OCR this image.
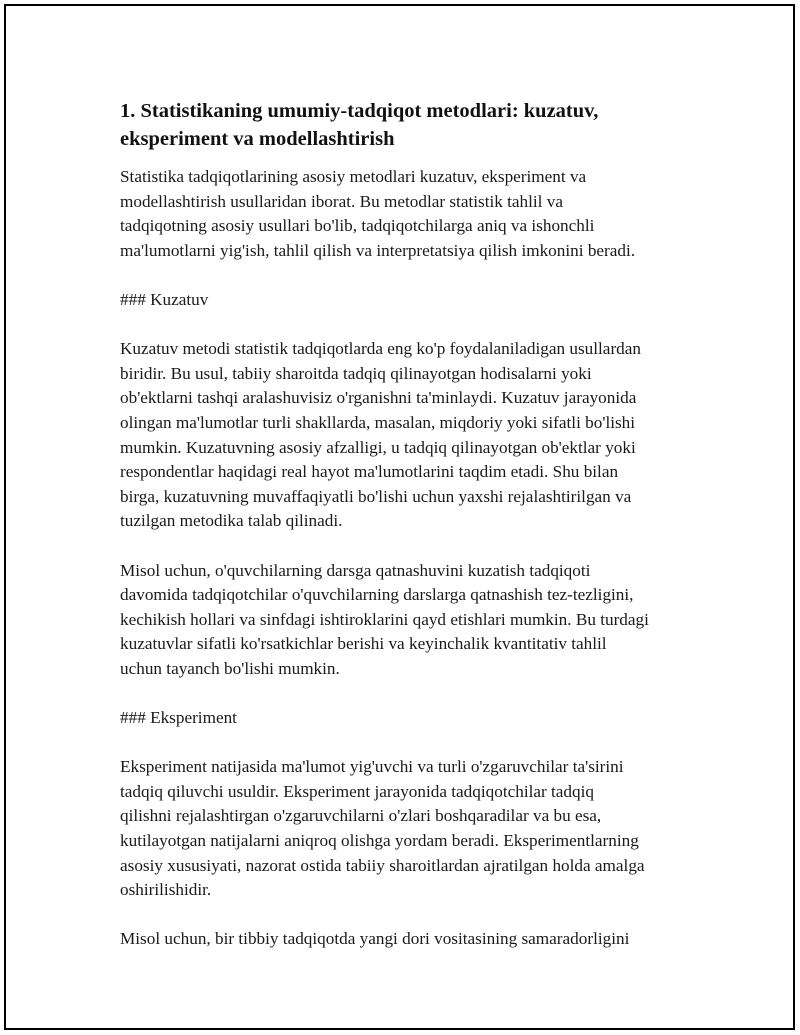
1. Statistikaning umumiy-tadqiqot metodlari: kuzatuv,
eksperiment va modellashtirish

Statistika tadqiqotlarining asosiy metodlari kuzatuv, eksperiment va
modellashtirish usullaridan iborat. Bu metodlar statistik tahlil va
tadqiqotning asosiy usullari bo'lib, tadqiqotchilarga aniq va ishonchli
ma'lumotlarni yig'ish, tahlil qilish va interpretatsiya qilish imkonini beradi.

### Kuzatuv

Kuzatuv metodi statistik tadqiqotlarda eng ko'p foydalaniladigan usullardan
biridir. Bu usul, tabiiy sharoitda tadqiq qilinayotgan hodisalarni yoki
ob'ektlarni tashqi aralashuvisiz o'rganishni ta'minlaydi. Kuzatuv jarayonida
olingan ma'lumotlar turli shakllarda, masalan, miqdoriy yoki sifatli bo'lishi
mumkin. Kuzatuvning asosiy afzalligi, u tadqiq qilinayotgan ob'ektlar yoki
respondentlar haqidagi real hayot ma'lumotlarini taqdim etadi. Shu bilan
birga, kuzatuvning muvaffaqiyatli bo'lishi uchun yaxshi rejalashtirilgan va
tuzilgan metodika talab qilinadi.

Misol uchun, o'quvchilarning darsga qatnashuvini kuzatish tadqiqoti
davomida tadqiqotchilar o'quvchilarning darslarga qatnashish tez-tezligini,
kechikish hollari va sinfdagi ishtiroklarini qayd etishlari mumkin. Bu turdagi
kuzatuvlar sifatli ko'rsatkichlar berishi va keyinchalik kvantitativ tahlil
uchun tayanch bo'lishi mumkin.

### Eksperiment

Eksperiment natijasida ma'lumot yig'uvchi va turli o'zgaruvchilar ta'sirini
tadqiq qiluvchi usuldir. Eksperiment jarayonida tadqiqotchilar tadqiq
qilishni rejalashtirgan o'zgaruvchilarni o'zlari boshqaradilar va bu esa,
kutilayotgan natijalarni aniqroq olishga yordam beradi. Eksperimentlarning
asosiy xususiyati, nazorat ostida tabiiy sharoitlardan ajratilgan holda amalga
oshirilishidir.

Misol uchun, bir tibbiy tadqiqotda yangi dori vositasining samaradorligini
